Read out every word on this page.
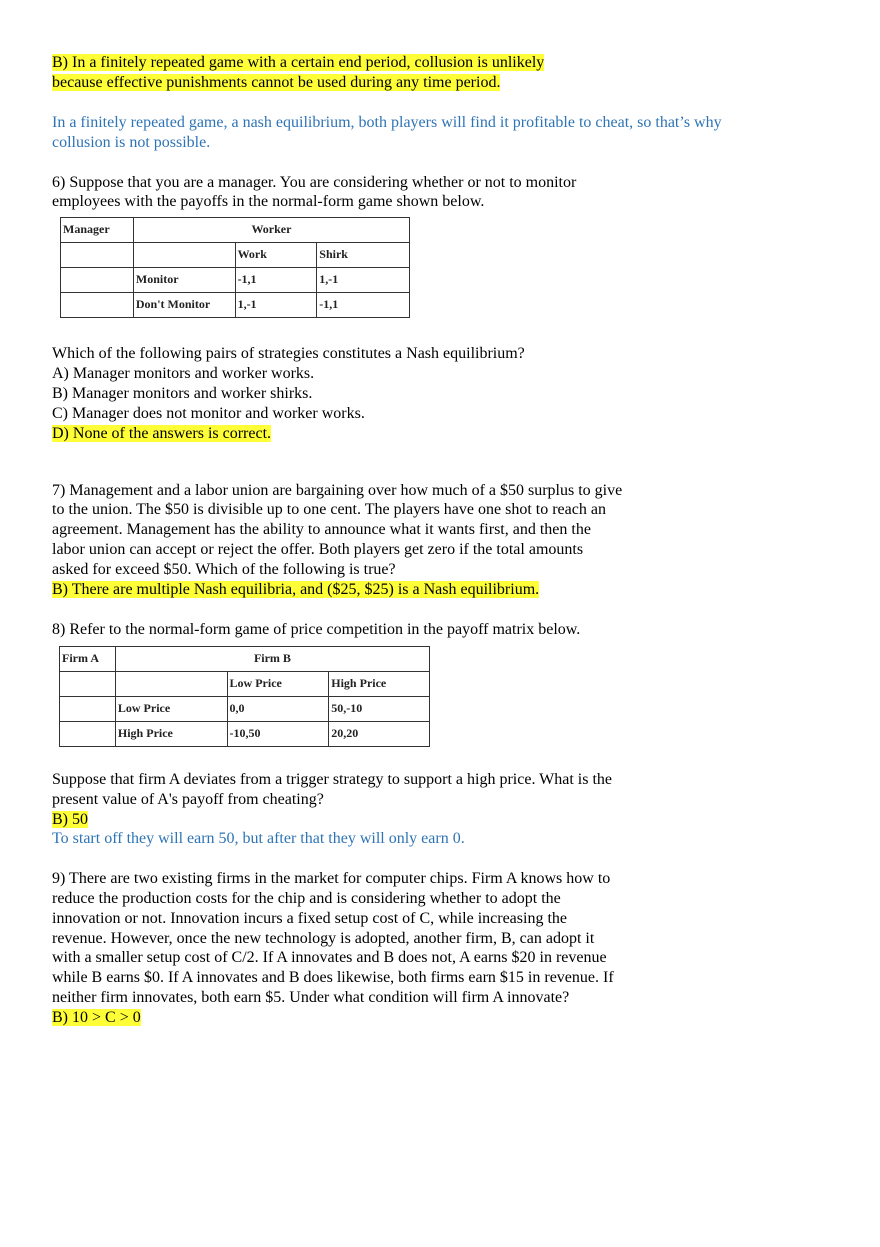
B) In a finitely repeated game with a certain end period, collusion is unlikely
because effective punishments cannot be used during any time period.
In a finitely repeated game, a nash equilibrium, both players will find it profitable to cheat, so that’s why
collusion is not possible.
6) Suppose that you are a manager. You are considering whether or not to monitor
employees with the payoffs in the normal-form game shown below.
Manager	Worker		
		Work	Shirk
	Monitor	-1,1	1,-1
	Don't Monitor	1,-1	-1,1
Which of the following pairs of strategies constitutes a Nash equilibrium?
A) Manager monitors and worker works.
B) Manager monitors and worker shirks.
C) Manager does not monitor and worker works.
D) None of the answers is correct.
7) Management and a labor union are bargaining over how much of a $50 surplus to give
to the union. The $50 is divisible up to one cent. The players have one shot to reach an
agreement. Management has the ability to announce what it wants first, and then the
labor union can accept or reject the offer. Both players get zero if the total amounts
asked for exceed $50. Which of the following is true?
B) There are multiple Nash equilibria, and ($25, $25) is a Nash equilibrium.
8) Refer to the normal-form game of price competition in the payoff matrix below.
Firm A	Firm B		
		Low Price	High Price
	Low Price	0,0	50,-10
	High Price	-10,50	20,20
Suppose that firm A deviates from a trigger strategy to support a high price. What is the
present value of A's payoff from cheating?
B) 50
To start off they will earn 50, but after that they will only earn 0.
9) There are two existing firms in the market for computer chips. Firm A knows how to
reduce the production costs for the chip and is considering whether to adopt the
innovation or not. Innovation incurs a fixed setup cost of C, while increasing the
revenue. However, once the new technology is adopted, another firm, B, can adopt it
with a smaller setup cost of C/2. If A innovates and B does not, A earns $20 in revenue
while B earns $0. If A innovates and B does likewise, both firms earn $15 in revenue. If
neither firm innovates, both earn $5. Under what condition will firm A innovate?
B) 10 > C > 0
